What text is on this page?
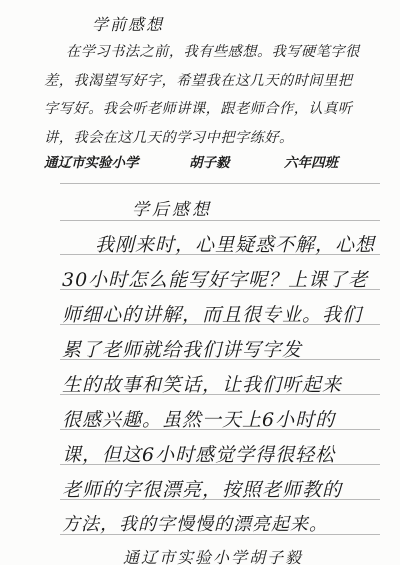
学前感想
在学习书法之前，我有些感想。我写硬笔字很差，我渴望写好字，希望我在这几天的时间里把字写好。我会听老师讲课，跟老师合作，认真听讲，我会在这几天的学习中把字练好。
通辽市实验小学	胡子毅	六年四班
学后感想
我刚来时，心里疑惑不解，心想
30小时怎么能写好字呢？上课了老
师细心的讲解，而且很专业。我们
累了老师就给我们讲写字发
生的故事和笑话，让我们听起来
很感兴趣。虽然一天上6小时的
课，但这6小时感觉学得很轻松
老师的字很漂亮，按照老师教的
方法，我的字慢慢的漂亮起来。
通辽市实验小学胡子毅
